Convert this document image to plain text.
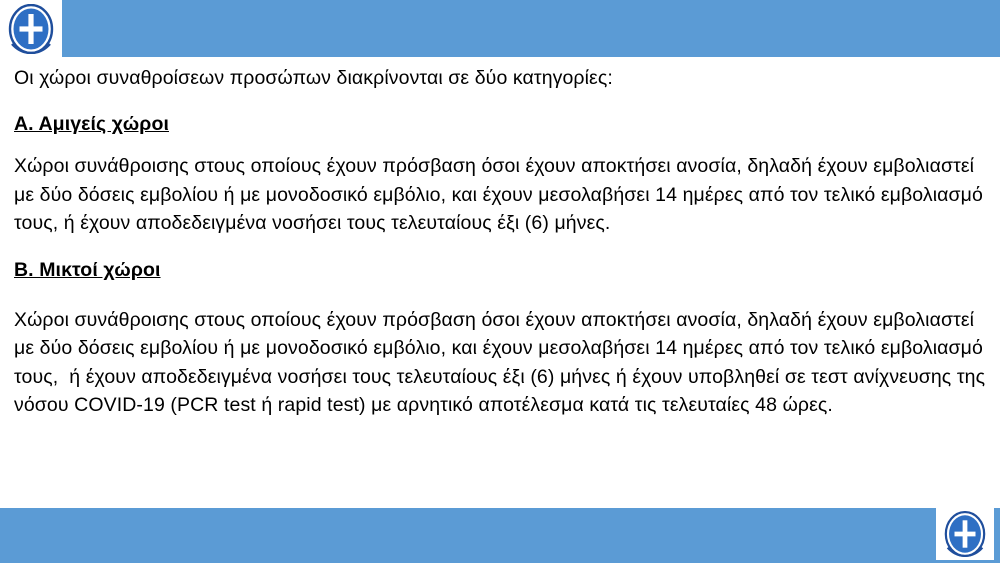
Οι χώροι συναθροίσεων προσώπων διακρίνονται σε δύο κατηγορίες:

Α. Αμιγείς χώροι

Χώροι συνάθροισης στους οποίους έχουν πρόσβαση όσοι έχουν αποκτήσει ανοσία, δηλαδή έχουν εμβολιαστεί με δύο δόσεις εμβολίου ή με μονοδοσικό εμβόλιο, και έχουν μεσολαβήσει 14 ημέρες από τον τελικό εμβολιασμό τους, ή έχουν αποδεδειγμένα νοσήσει τους τελευταίους έξι (6) μήνες.

Β. Μικτοί χώροι

Χώροι συνάθροισης στους οποίους έχουν πρόσβαση όσοι έχουν αποκτήσει ανοσία, δηλαδή έχουν εμβολιαστεί με δύο δόσεις εμβολίου ή με μονοδοσικό εμβόλιο, και έχουν μεσολαβήσει 14 ημέρες από τον τελικό εμβολιασμό τους,  ή έχουν αποδεδειγμένα νοσήσει τους τελευταίους έξι (6) μήνες ή έχουν υποβληθεί σε τεστ ανίχνευσης της νόσου COVID-19 (PCR test ή rapid test) με αρνητικό αποτέλεσμα κατά τις τελευταίες 48 ώρες.
